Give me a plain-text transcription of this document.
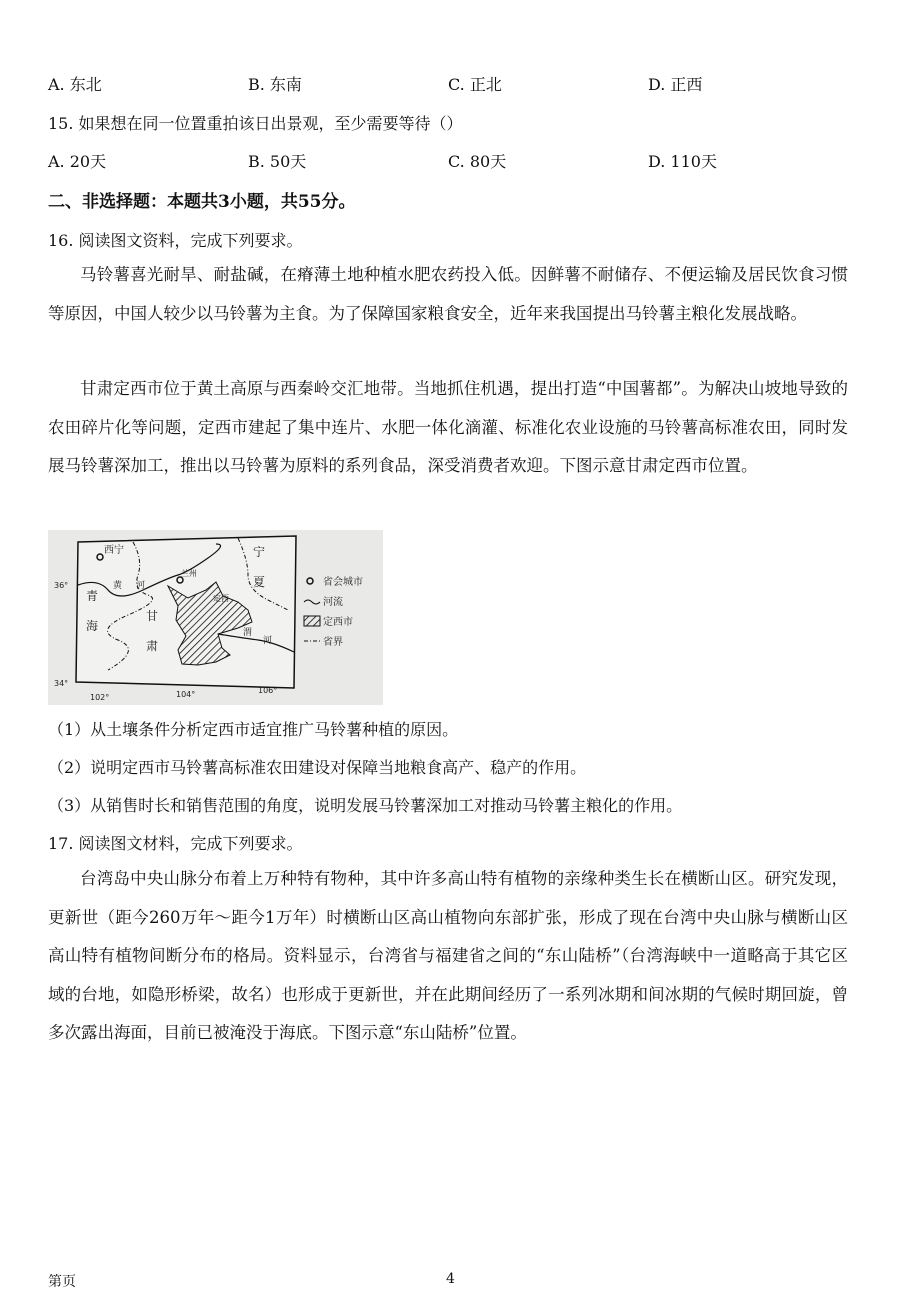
A. 东北	B. 东南	C. 正北	D. 正西
15. 如果想在同一位置重拍该日出景观，至少需要等待（）
A. 20天	B. 50天	C. 80天	D. 110天
二、非选择题：本题共3小题，共55分。
16. 阅读图文资料，完成下列要求。
马铃薯喜光耐旱、耐盐碱，在瘠薄土地种植水肥农药投入低。因鲜薯不耐储存、不便运输及居民饮食习惯等原因，中国人较少以马铃薯为主食。为了保障国家粮食安全，近年来我国提出马铃薯主粮化发展战略。
甘肃定西市位于黄土高原与西秦岭交汇地带。当地抓住机遇，提出打造“中国薯都”。为解决山坡地导致的农田碎片化等问题，定西市建起了集中连片、水肥一体化滴灌、标准化农业设施的马铃薯高标准农田，同时发展马铃薯深加工，推出以马铃薯为原料的系列食品，深受消费者欢迎。下图示意甘肃定西市位置。
西宁
兰州
定西
宁
夏
青
海
甘
肃
黄 河
渭
河
36°
34°
102°	104°	106°
省会城市
河流
定西市
省界
（1）从土壤条件分析定西市适宜推广马铃薯种植的原因。
（2）说明定西市马铃薯高标准农田建设对保障当地粮食高产、稳产的作用。
（3）从销售时长和销售范围的角度，说明发展马铃薯深加工对推动马铃薯主粮化的作用。
17. 阅读图文材料，完成下列要求。
台湾岛中央山脉分布着上万种特有物种，其中许多高山特有植物的亲缘种类生长在横断山区。研究发现，更新世（距今260万年～距今1万年）时横断山区高山植物向东部扩张，形成了现在台湾中央山脉与横断山区高山特有植物间断分布的格局。资料显示，台湾省与福建省之间的“东山陆桥”（台湾海峡中一道略高于其它区域的台地，如隐形桥梁，故名）也形成于更新世，并在此期间经历了一系列冰期和间冰期的气候时期回旋，曾多次露出海面，目前已被淹没于海底。下图示意“东山陆桥”位置。
第页	4
